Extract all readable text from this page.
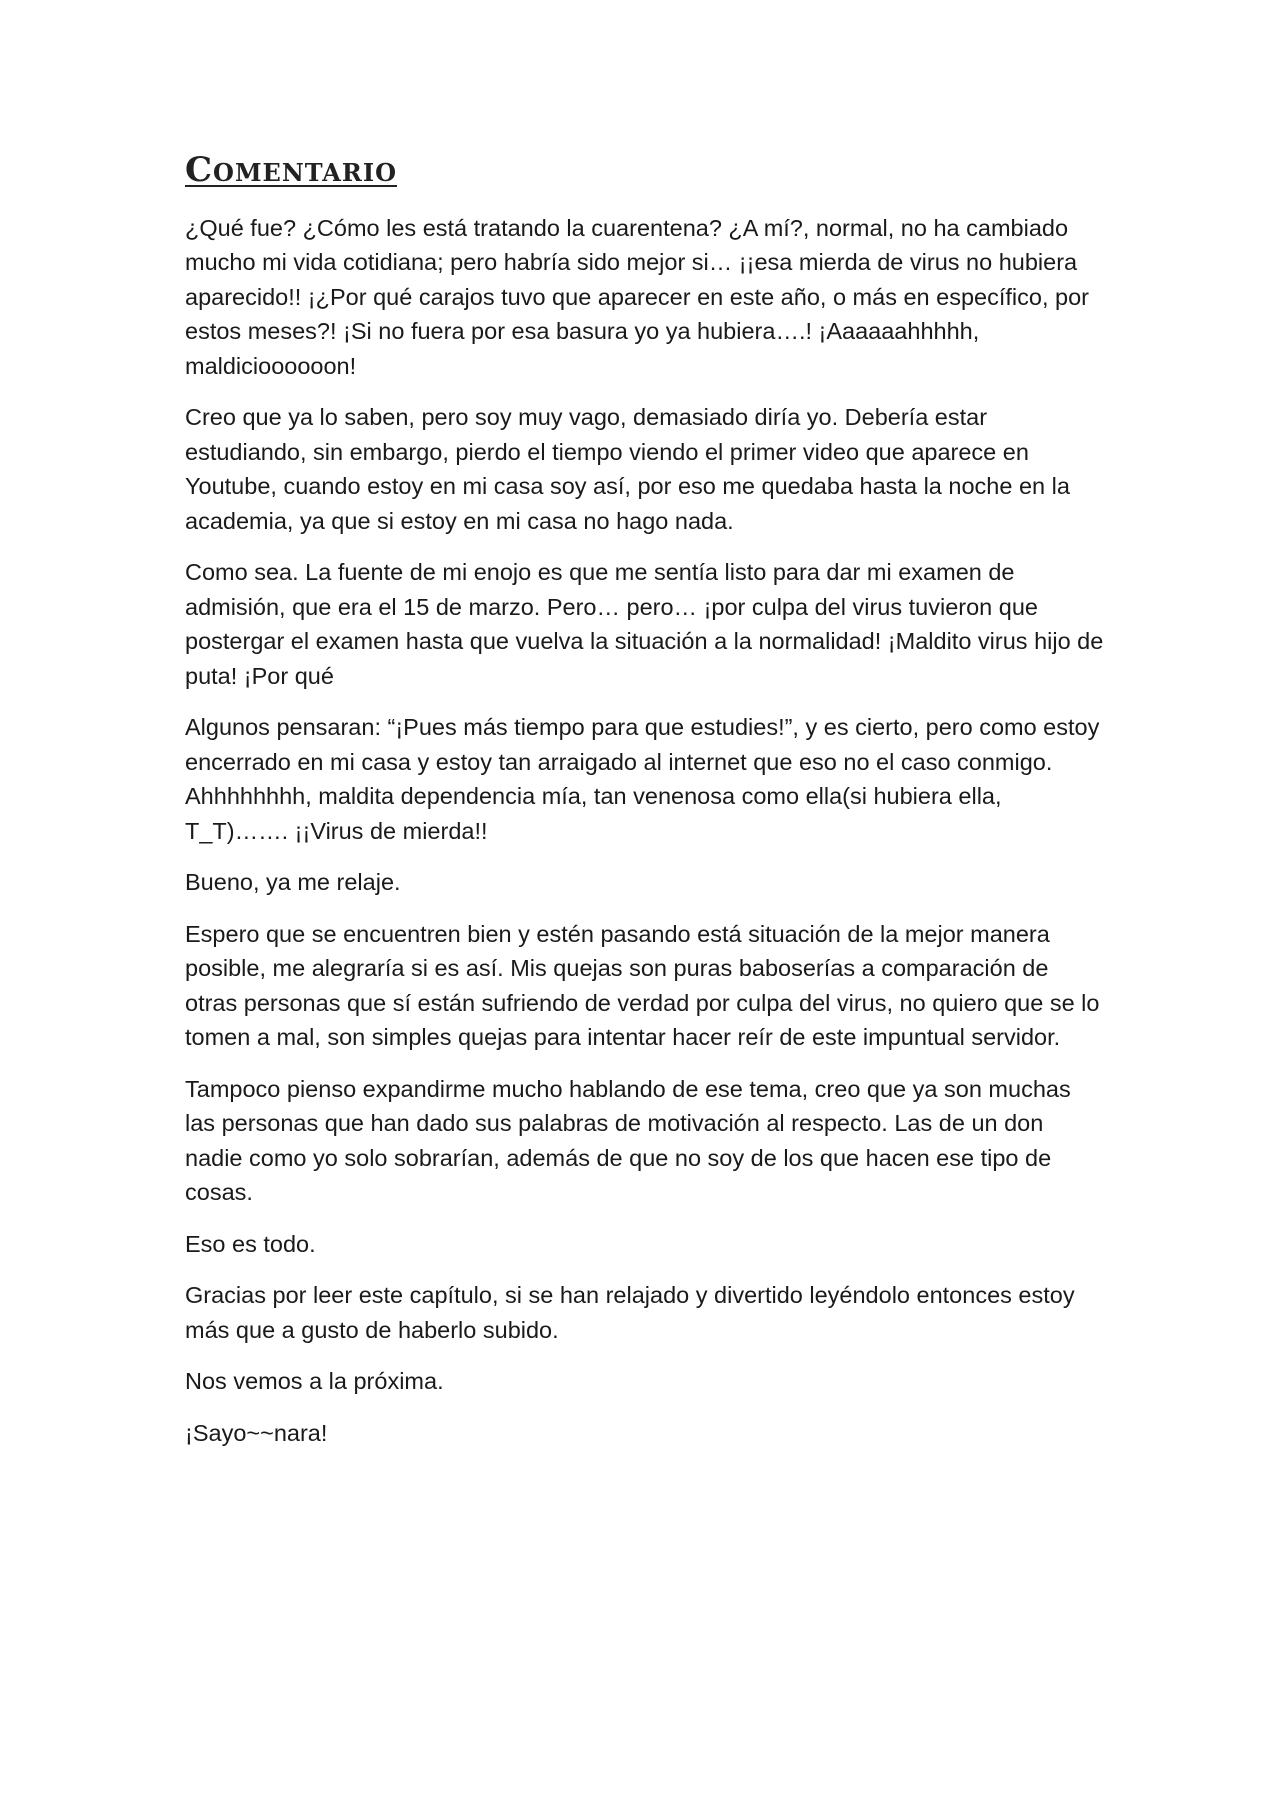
Comentario

¿Qué fue? ¿Cómo les está tratando la cuarentena? ¿A mí?, normal, no ha cambiado mucho mi vida cotidiana; pero habría sido mejor si… ¡¡esa mierda de virus no hubiera aparecido!! ¡¿Por qué carajos tuvo que aparecer en este año, o más en específico, por estos meses?! ¡Si no fuera por esa basura yo ya hubiera….! ¡Aaaaaahhhhh, maldicioooooon!

Creo que ya lo saben, pero soy muy vago, demasiado diría yo. Debería estar estudiando, sin embargo, pierdo el tiempo viendo el primer video que aparece en Youtube, cuando estoy en mi casa soy así, por eso me quedaba hasta la noche en la academia, ya que si estoy en mi casa no hago nada.

Como sea. La fuente de mi enojo es que me sentía listo para dar mi examen de admisión, que era el 15 de marzo. Pero… pero… ¡por culpa del virus tuvieron que postergar el examen hasta que vuelva la situación a la normalidad! ¡Maldito virus hijo de puta! ¡Por qué

Algunos pensaran: “¡Pues más tiempo para que estudies!”, y es cierto, pero como estoy encerrado en mi casa y estoy tan arraigado al internet que eso no el caso conmigo. Ahhhhhhhh, maldita dependencia mía, tan venenosa como ella(si hubiera ella, T_T)……. ¡¡Virus de mierda!!

Bueno, ya me relaje.

Espero que se encuentren bien y estén pasando está situación de la mejor manera posible, me alegraría si es así. Mis quejas son puras baboserías a comparación de otras personas que sí están sufriendo de verdad por culpa del virus, no quiero que se lo tomen a mal, son simples quejas para intentar hacer reír de este impuntual servidor.

Tampoco pienso expandirme mucho hablando de ese tema, creo que ya son muchas las personas que han dado sus palabras de motivación al respecto. Las de un don nadie como yo solo sobrarían, además de que no soy de los que hacen ese tipo de cosas.

Eso es todo.

Gracias por leer este capítulo, si se han relajado y divertido leyéndolo entonces estoy más que a gusto de haberlo subido.

Nos vemos a la próxima.

¡Sayo~~nara!
